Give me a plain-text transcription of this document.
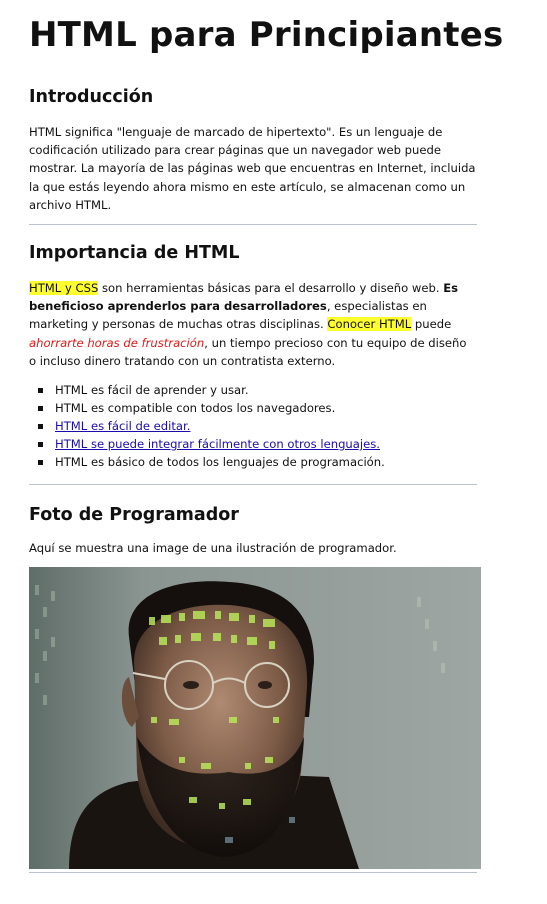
HTML para Principiantes
Introducción

HTML significa "lenguaje de marcado de hipertexto". Es un lenguaje de codificación utilizado para crear páginas que un navegador web puede mostrar. La mayoría de las páginas web que encuentras en Internet, incluida la que estás leyendo ahora mismo en este artículo, se almacenan como un archivo HTML.

Importancia de HTML

HTML y CSS son herramientas básicas para el desarrollo y diseño web. Es beneficioso aprenderlos para desarrolladores, especialistas en marketing y personas de muchas otras disciplinas. Conocer HTML puede ahorrarte horas de frustración, un tiempo precioso con tu equipo de diseño o incluso dinero tratando con un contratista externo.

HTML es fácil de aprender y usar.
HTML es compatible con todos los navegadores.
HTML es fácil de editar.
HTML se puede integrar fácilmente con otros lenguajes.
HTML es básico de todos los lenguajes de programación.
Foto de Programador

Aquí se muestra una image de una ilustración de programador.
